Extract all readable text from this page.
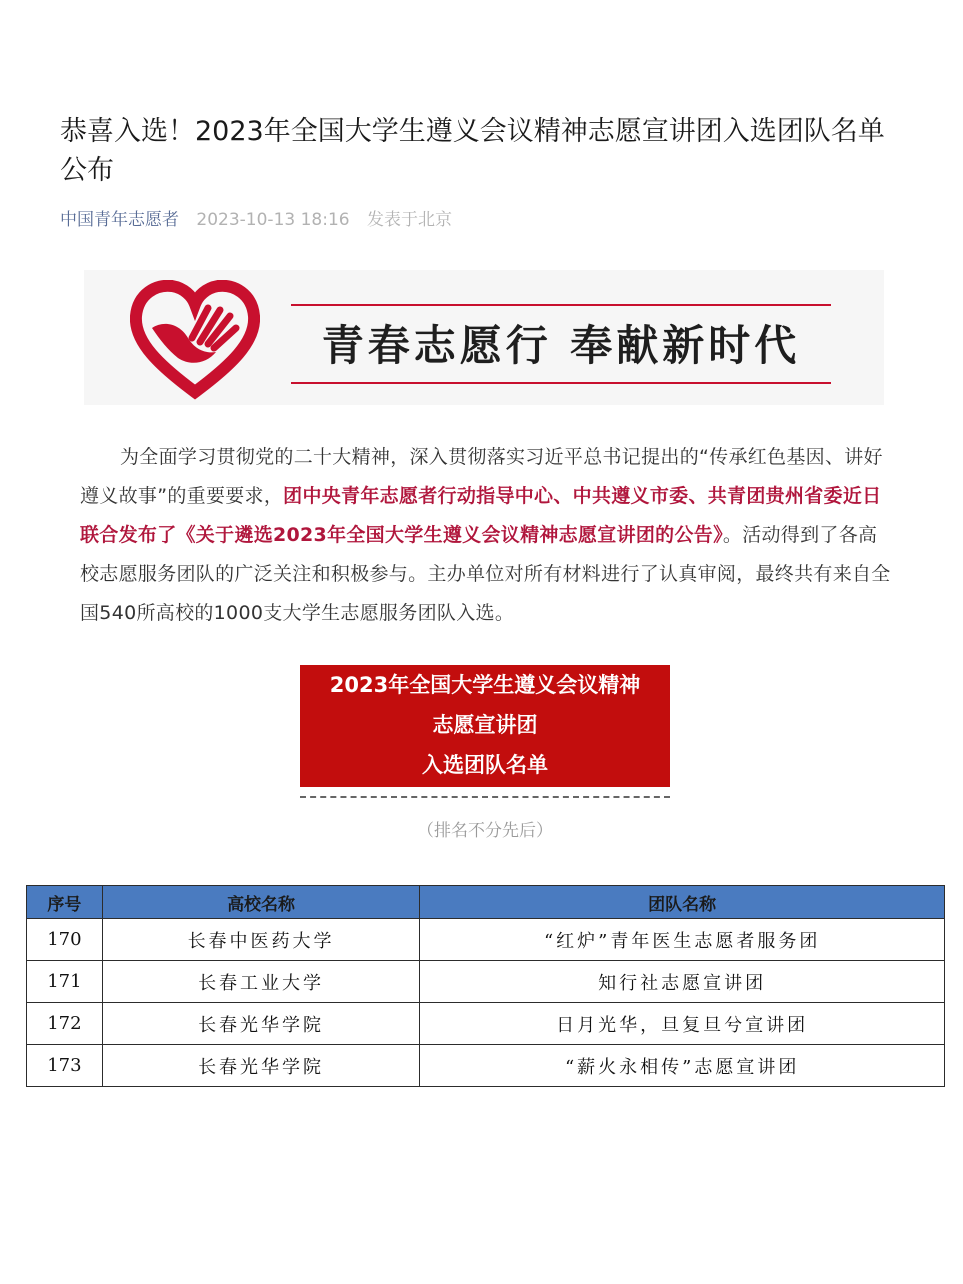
恭喜入选！2023年全国大学生遵义会议精神志愿宣讲团入选团队名单公布
中国青年志愿者 2023-10-13 18:16 发表于北京
青春志愿行 奉献新时代

为全面学习贯彻党的二十大精神，深入贯彻落实习近平总书记提出的“传承红色基因、讲好遵义故事”的重要要求，团中央青年志愿者行动指导中心、中共遵义市委、共青团贵州省委近日联合发布了《关于遴选2023年全国大学生遵义会议精神志愿宣讲团的公告》。活动得到了各高校志愿服务团队的广泛关注和积极参与。主办单位对所有材料进行了认真审阅，最终共有来自全国540所高校的1000支大学生志愿服务团队入选。

2023年全国大学生遵义会议精神
志愿宣讲团
入选团队名单
（排名不分先后）
序号	高校名称	团队名称
170	长春中医药大学	“红炉”青年医生志愿者服务团
171	长春工业大学	知行社志愿宣讲团
172	长春光华学院	日月光华，旦复旦兮宣讲团
173	长春光华学院	“薪火永相传”志愿宣讲团
